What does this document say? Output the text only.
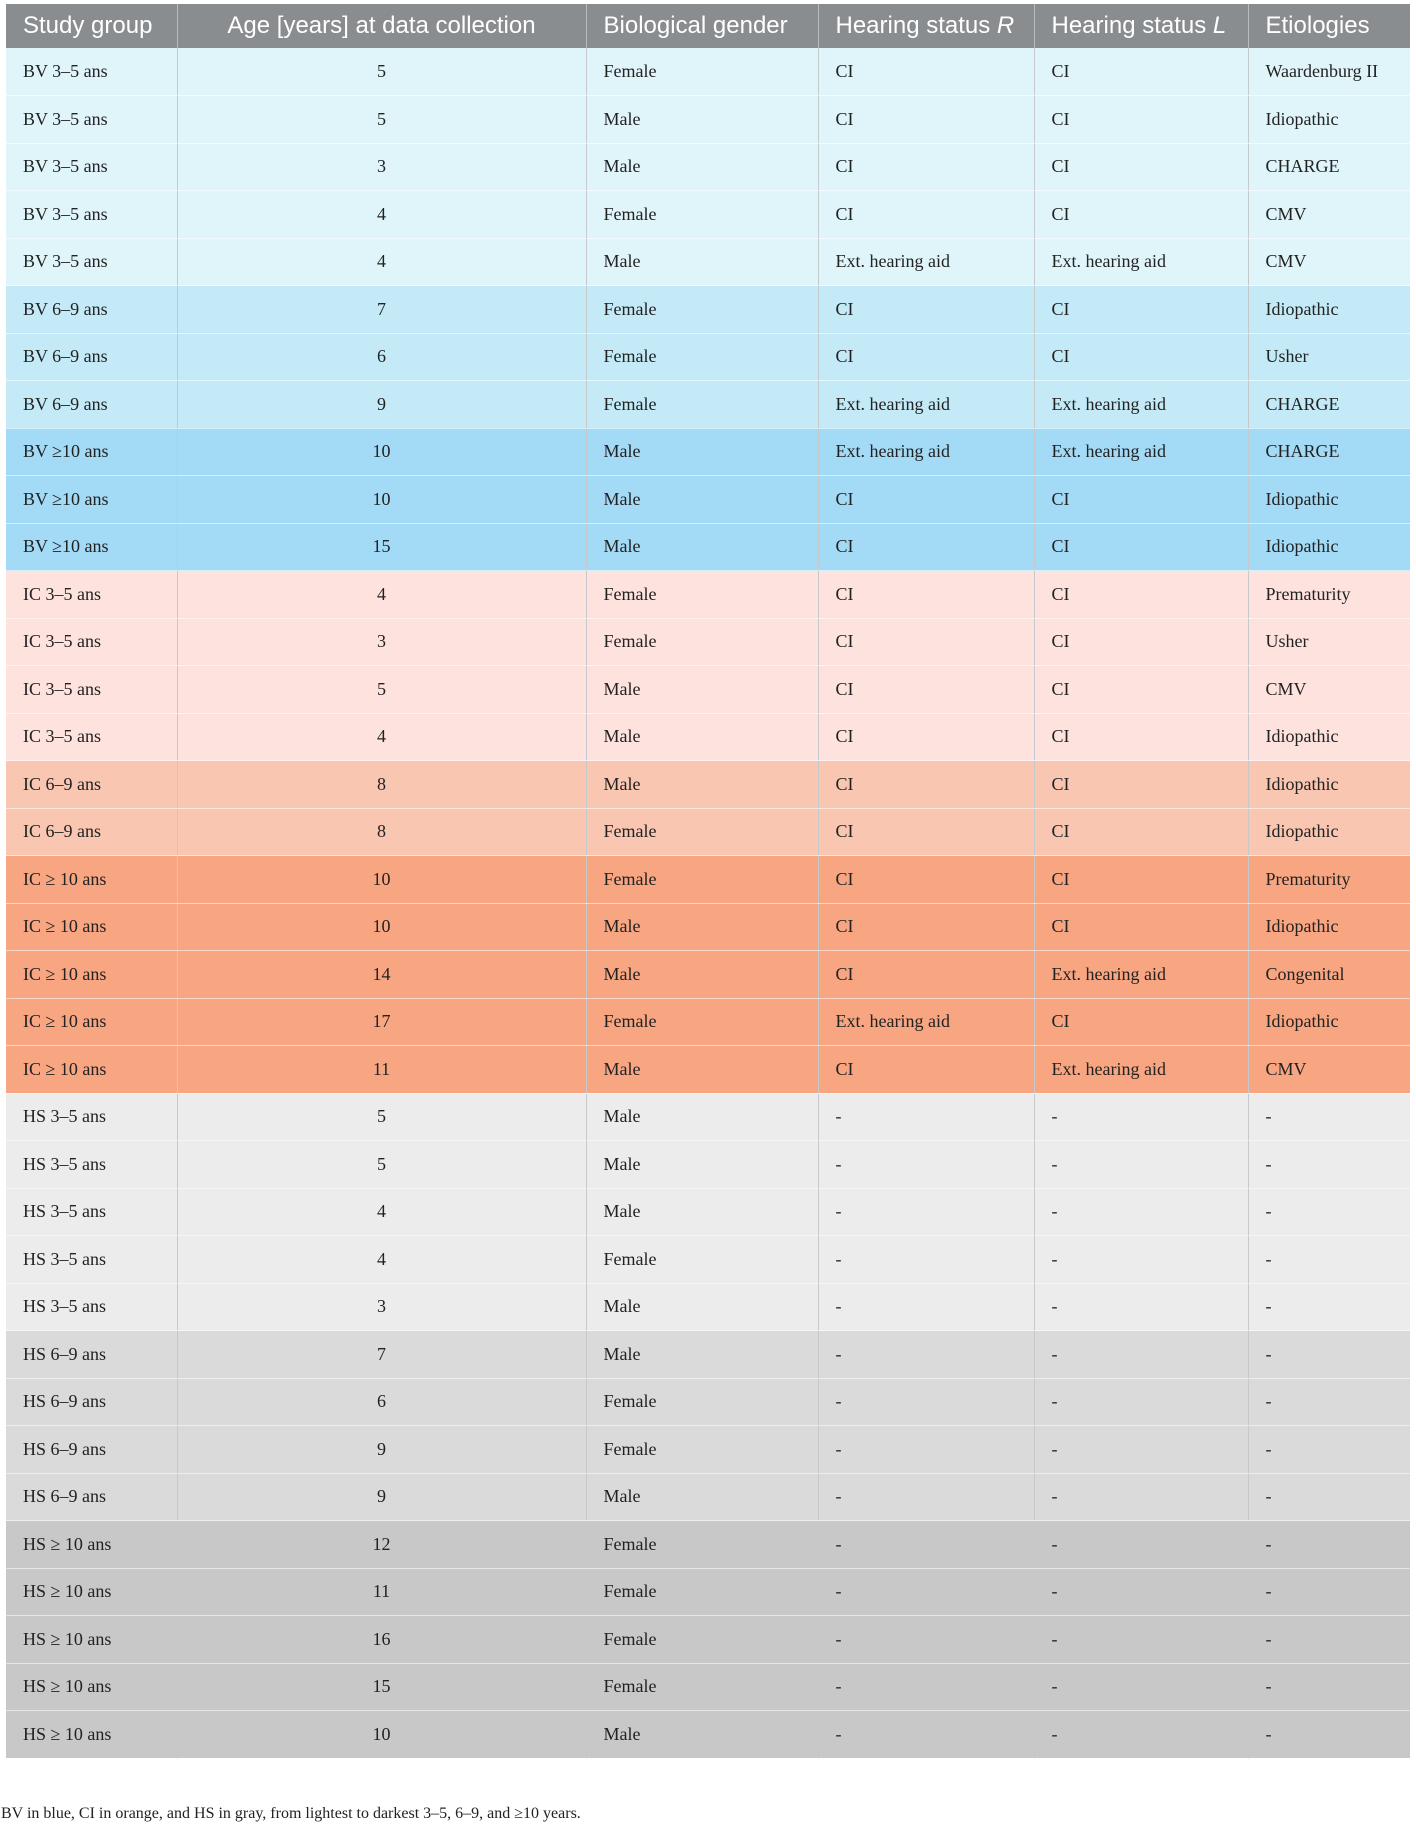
Study group	Age [years] at data collection	Biological gender	Hearing status R	Hearing status L	Etiologies
BV 3–5 ans	5	Female	CI	CI	Waardenburg II
BV 3–5 ans	5	Male	CI	CI	Idiopathic
BV 3–5 ans	3	Male	CI	CI	CHARGE
BV 3–5 ans	4	Female	CI	CI	CMV
BV 3–5 ans	4	Male	Ext. hearing aid	Ext. hearing aid	CMV
BV 6–9 ans	7	Female	CI	CI	Idiopathic
BV 6–9 ans	6	Female	CI	CI	Usher
BV 6–9 ans	9	Female	Ext. hearing aid	Ext. hearing aid	CHARGE
BV ≥10 ans	10	Male	Ext. hearing aid	Ext. hearing aid	CHARGE
BV ≥10 ans	10	Male	CI	CI	Idiopathic
BV ≥10 ans	15	Male	CI	CI	Idiopathic
IC 3–5 ans	4	Female	CI	CI	Prematurity
IC 3–5 ans	3	Female	CI	CI	Usher
IC 3–5 ans	5	Male	CI	CI	CMV
IC 3–5 ans	4	Male	CI	CI	Idiopathic
IC 6–9 ans	8	Male	CI	CI	Idiopathic
IC 6–9 ans	8	Female	CI	CI	Idiopathic
IC ≥ 10 ans	10	Female	CI	CI	Prematurity
IC ≥ 10 ans	10	Male	CI	CI	Idiopathic
IC ≥ 10 ans	14	Male	CI	Ext. hearing aid	Congenital
IC ≥ 10 ans	17	Female	Ext. hearing aid	CI	Idiopathic
IC ≥ 10 ans	11	Male	CI	Ext. hearing aid	CMV
HS 3–5 ans	5	Male	-	-	-
HS 3–5 ans	5	Male	-	-	-
HS 3–5 ans	4	Male	-	-	-
HS 3–5 ans	4	Female	-	-	-
HS 3–5 ans	3	Male	-	-	-
HS 6–9 ans	7	Male	-	-	-
HS 6–9 ans	6	Female	-	-	-
HS 6–9 ans	9	Female	-	-	-
HS 6–9 ans	9	Male	-	-	-
HS ≥ 10 ans	12	Female	-	-	-
HS ≥ 10 ans	11	Female	-	-	-
HS ≥ 10 ans	16	Female	-	-	-
HS ≥ 10 ans	15	Female	-	-	-
HS ≥ 10 ans	10	Male	-	-	-
BV in blue, CI in orange, and HS in gray, from lightest to darkest 3–5, 6–9, and ≥10 years.
